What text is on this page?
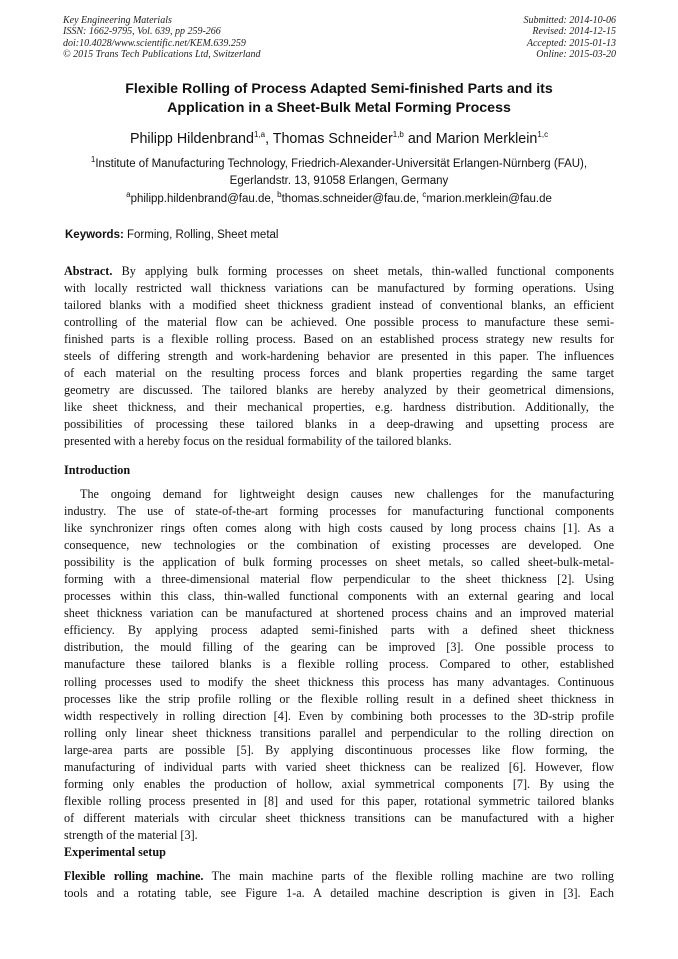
Key Engineering Materials
ISSN: 1662-9795, Vol. 639, pp 259-266
doi:10.4028/www.scientific.net/KEM.639.259
© 2015 Trans Tech Publications Ltd, Switzerland
Submitted: 2014-10-06
Revised: 2014-12-15
Accepted: 2015-01-13
Online: 2015-03-20
Flexible Rolling of Process Adapted Semi-finished Parts and its
Application in a Sheet-Bulk Metal Forming Process
Philipp Hildenbrand$^{1,a}$, Thomas Schneider$^{1,b}$ and Marion Merklein$^{1,c}$
$^1$Institute of Manufacturing Technology, Friedrich-Alexander-Universität Erlangen-Nürnberg (FAU),
Egerlandstr. 13, 91058 Erlangen, Germany
$^a$philipp.hildenbrand@fau.de, $^b$thomas.schneider@fau.de, $^c$marion.merklein@fau.de
Keywords: Forming, Rolling, Sheet metal
Abstract. By applying bulk forming processes on sheet metals, thin-walled functional components
with locally restricted wall thickness variations can be manufactured by forming operations. Using
tailored blanks with a modified sheet thickness gradient instead of conventional blanks, an efficient
controlling of the material flow can be achieved. One possible process to manufacture these semi-
finished parts is a flexible rolling process. Based on an established process strategy new results for
steels of differing strength and work-hardening behavior are presented in this paper. The influences
of each material on the resulting process forces and blank properties regarding the same target
geometry are discussed. The tailored blanks are hereby analyzed by their geometrical dimensions,
like sheet thickness, and their mechanical properties, e.g. hardness distribution. Additionally, the
possibilities of processing these tailored blanks in a deep-drawing and upsetting process are
presented with a hereby focus on the residual formability of the tailored blanks.
Introduction
The ongoing demand for lightweight design causes new challenges for the manufacturing
industry. The use of state-of-the-art forming processes for manufacturing functional components
like synchronizer rings often comes along with high costs caused by long process chains [1]. As a
consequence, new technologies or the combination of existing processes are developed. One
possibility is the application of bulk forming processes on sheet metals, so called sheet-bulk-metal-
forming with a three-dimensional material flow perpendicular to the sheet thickness [2]. Using
processes within this class, thin-walled functional components with an external gearing and local
sheet thickness variation can be manufactured at shortened process chains and an improved material
efficiency. By applying process adapted semi-finished parts with a defined sheet thickness
distribution, the mould filling of the gearing can be improved [3]. One possible process to
manufacture these tailored blanks is a flexible rolling process. Compared to other, established
rolling processes used to modify the sheet thickness this process has many advantages. Continuous
processes like the strip profile rolling or the flexible rolling result in a defined sheet thickness in
width respectively in rolling direction [4]. Even by combining both processes to the 3D-strip profile
rolling only linear sheet thickness transitions parallel and perpendicular to the rolling direction on
large-area parts are possible [5]. By applying discontinuous processes like flow forming, the
manufacturing of individual parts with varied sheet thickness can be realized [6]. However, flow
forming only enables the production of hollow, axial symmetrical components [7]. By using the
flexible rolling process presented in [8] and used for this paper, rotational symmetric tailored blanks
of different materials with circular sheet thickness transitions can be manufactured with a higher
strength of the material [3].
Experimental setup
Flexible rolling machine. The main machine parts of the flexible rolling machine are two rolling
tools and a rotating table, see Figure 1-a. A detailed machine description is given in [3]. Each
